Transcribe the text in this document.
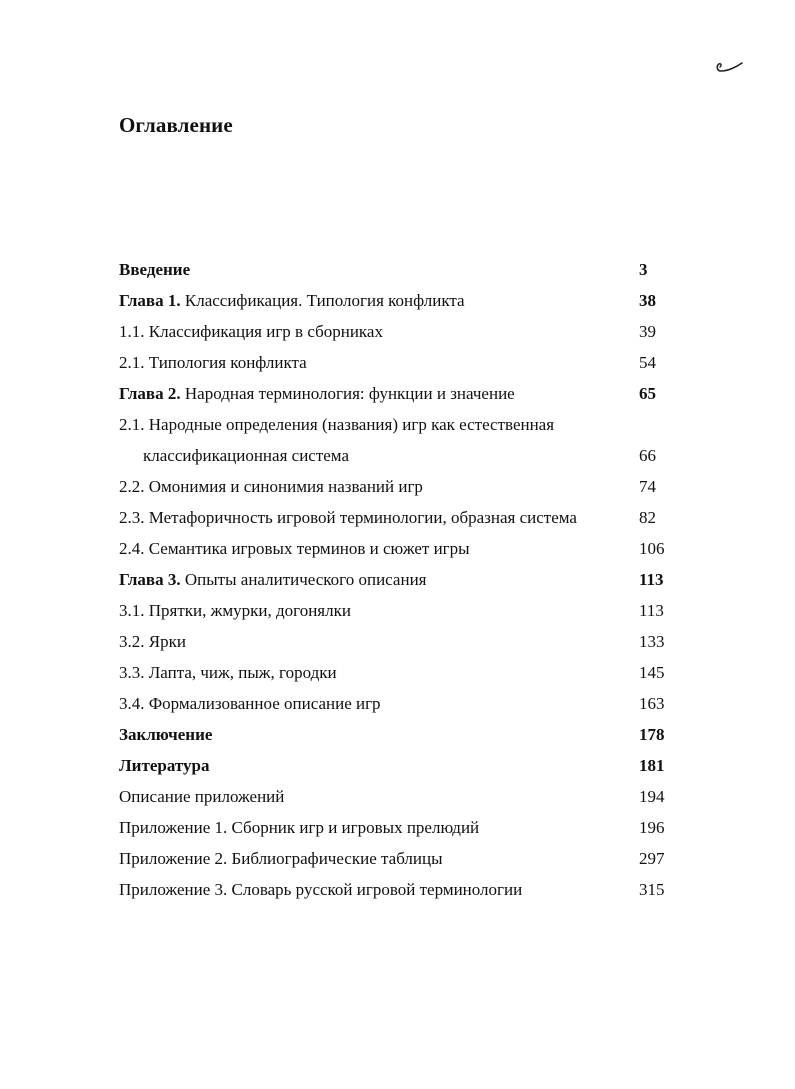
Оглавление
Введение	3
Глава 1. Классификация. Типология конфликта	38
1.1. Классификация игр в сборниках	39
2.1. Типология конфликта	54
Глава 2. Народная терминология: функции и значение	65
2.1. Народные определения (названия) игр как естественная
классификационная система	66
2.2. Омонимия и синонимия названий игр	74
2.3. Метафоричность игровой терминологии, образная система	82
2.4. Семантика игровых терминов и сюжет игры	106
Глава 3. Опыты аналитического описания	113
3.1. Прятки, жмурки, догонялки	113
3.2. Ярки	133
3.3. Лапта, чиж, пыж, городки	145
3.4. Формализованное описание игр	163
Заключение	178
Литература	181
Описание приложений	194
Приложение 1. Сборник игр и игровых прелюдий	196
Приложение 2. Библиографические таблицы	297
Приложение 3. Словарь русской игровой терминологии	315
